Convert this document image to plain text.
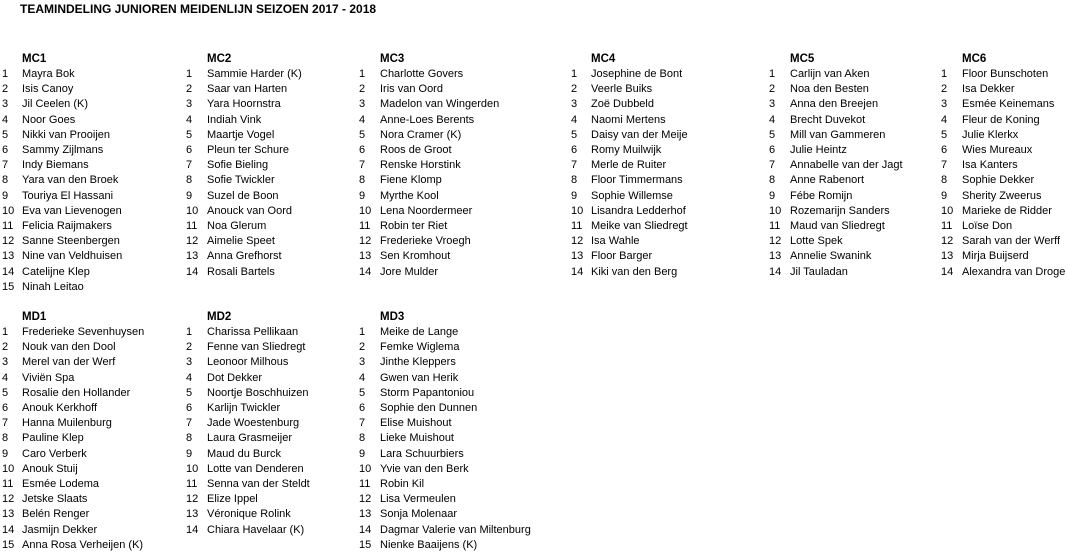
TEAMINDELING JUNIOREN MEIDENLIJN SEIZOEN 2017 - 2018
MC1
1 Mayra Bok
2 Isis Canoy
3 Jil Ceelen (K)
4 Noor Goes
5 Nikki van Prooijen
6 Sammy Zijlmans
7 Indy Biemans
8 Yara van den Broek
9 Touriya El Hassani
10 Eva van Lievenogen
11 Felicia Raijmakers
12 Sanne Steenbergen
13 Nine van Veldhuisen
14 Catelijne Klep
15 Ninah Leitao
MC2
1 Sammie Harder (K)
2 Saar van Harten
3 Yara Hoornstra
4 Indiah Vink
5 Maartje Vogel
6 Pleun ter Schure
7 Sofie Bieling
8 Sofie Twickler
9 Suzel de Boon
10 Anouck van Oord
11 Noa Glerum
12 Aimelie Speet
13 Anna Grefhorst
14 Rosali Bartels
MC3
1 Charlotte Govers
2 Iris van Oord
3 Madelon van Wingerden
4 Anne-Loes Berents
5 Nora Cramer (K)
6 Roos de Groot
7 Renske Horstink
8 Fiene Klomp
9 Myrthe Kool
10 Lena Noordermeer
11 Robin ter Riet
12 Frederieke Vroegh
13 Sen Kromhout
14 Jore Mulder
MC4
1 Josephine de Bont
2 Veerle Buiks
3 Zoë Dubbeld
4 Naomi Mertens
5 Daisy van der Meije
6 Romy Muilwijk
7 Merle de Ruiter
8 Floor Timmermans
9 Sophie Willemse
10 Lisandra Ledderhof
11 Meike van Sliedregt
12 Isa Wahle
13 Floor Barger
14 Kiki van den Berg
MC5
1 Carlijn van Aken
2 Noa den Besten
3 Anna den Breejen
4 Brecht Duvekot
5 Mill van Gammeren
6 Julie Heintz
7 Annabelle van der Jagt
8 Anne Rabenort
9 Fébe Romijn
10 Rozemarijn Sanders
11 Maud van Sliedregt
12 Lotte Spek
13 Annelie Swanink
14 Jil Tauladan
MC6
1 Floor Bunschoten
2 Isa Dekker
3 Esmée Keinemans
4 Fleur de Koning
5 Julie Klerkx
6 Wies Mureaux
7 Isa Kanters
8 Sophie Dekker
9 Sherity Zweerus
10 Marieke de Ridder
11 Loïse Don
12 Sarah van der Werff
13 Mirja Buijserd
14 Alexandra van Droge
MD1
1 Frederieke Sevenhuysen
2 Nouk van den Dool
3 Merel van der Werf
4 Viviën Spa
5 Rosalie den Hollander
6 Anouk Kerkhoff
7 Hanna Muilenburg
8 Pauline Klep
9 Caro Verberk
10 Anouk Stuij
11 Esmée Lodema
12 Jetske Slaats
13 Belén Renger
14 Jasmijn Dekker
15 Anna Rosa Verheijen (K)
MD2
1 Charissa Pellikaan
2 Fenne van Sliedregt
3 Leonoor Milhous
4 Dot Dekker
5 Noortje Boschhuizen
6 Karlijn Twickler
7 Jade Woestenburg
8 Laura Grasmeijer
9 Maud du Burck
10 Lotte van Denderen
11 Senna van der Steldt
12 Elize Ippel
13 Véronique Rolink
14 Chiara Havelaar (K)
MD3
1 Meike de Lange
2 Femke Wiglema
3 Jinthe Kleppers
4 Gwen van Herik
5 Storm Papantoniou
6 Sophie den Dunnen
7 Elise Muishout
8 Lieke Muishout
9 Lara Schuurbiers
10 Yvie van den Berk
11 Robin Kil
12 Lisa Vermeulen
13 Sonja Molenaar
14 Dagmar Valerie van Miltenburg
15 Nienke Baaijens (K)
